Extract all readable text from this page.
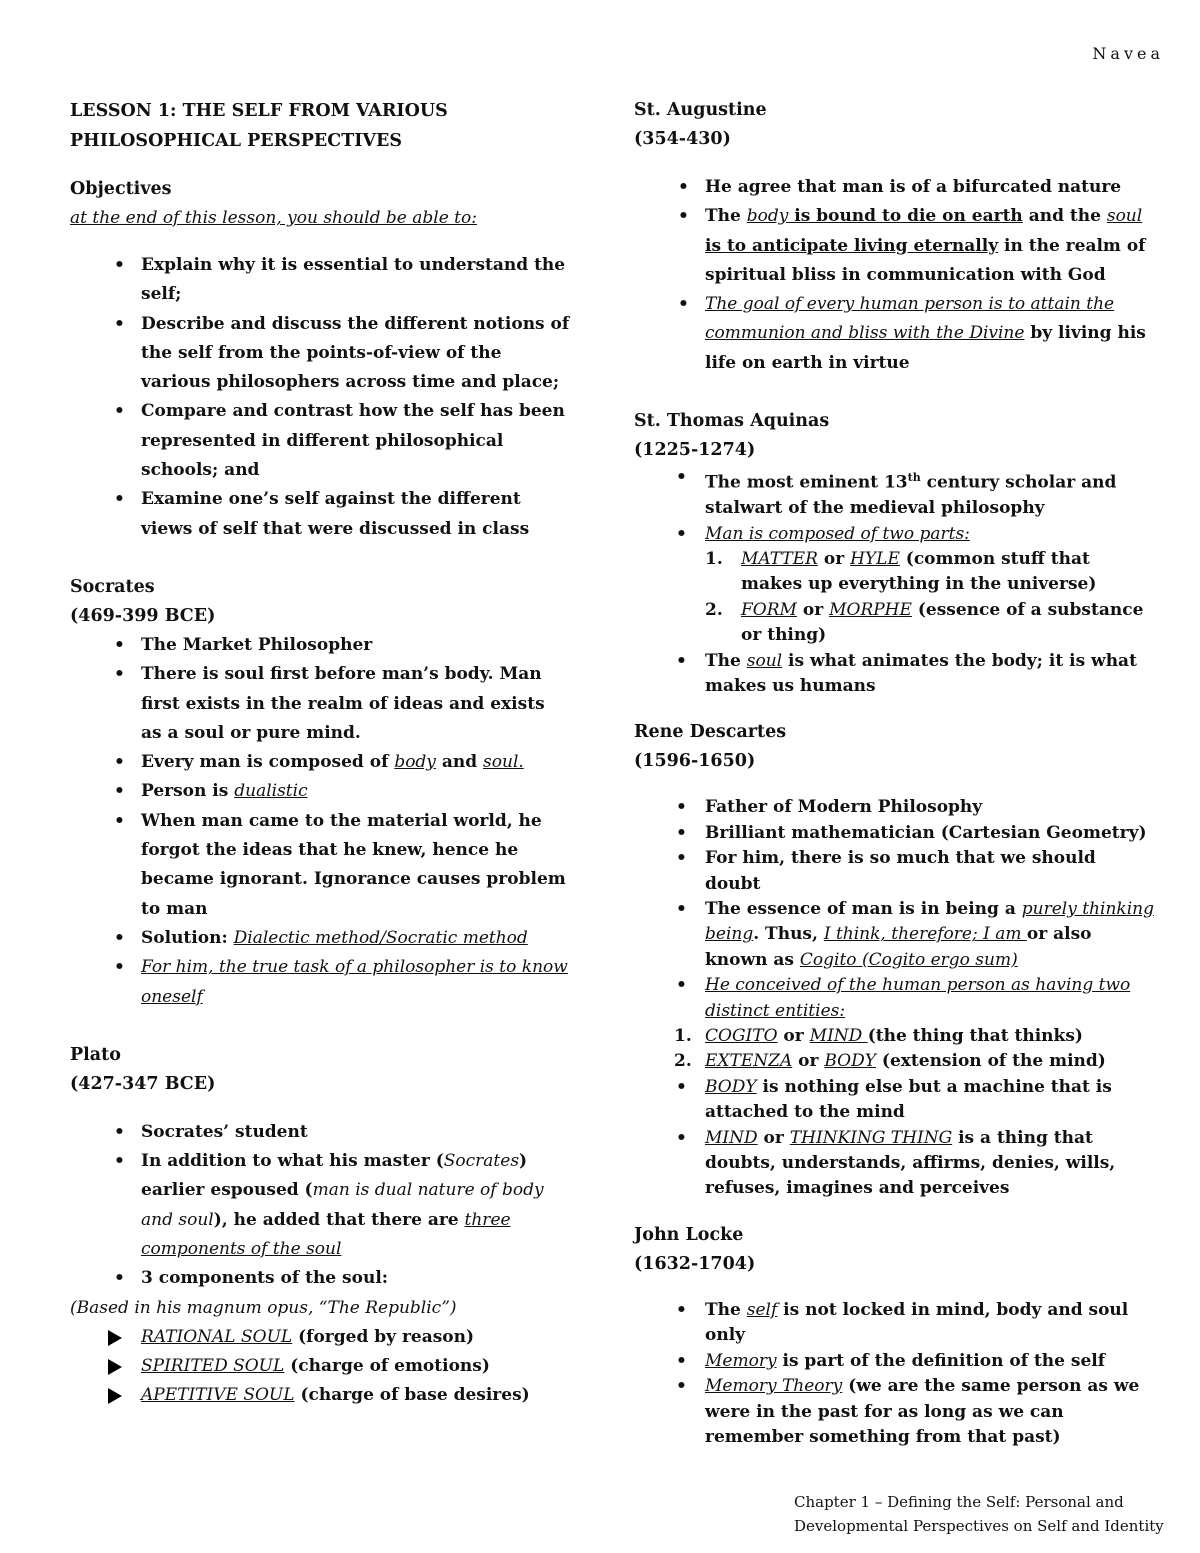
Navea

LESSON 1: THE SELF FROM VARIOUS

PHILOSOPHICAL PERSPECTIVES

Objectives

at the end of this lesson, you should be able to:

• Explain why it is essential to understand the self;
• Describe and discuss the different notions of the self from the points-of-view of the various philosophers across time and place;
• Compare and contrast how the self has been represented in different philosophical schools; and
• Examine one’s self against the different views of self that were discussed in class

Socrates

(469-399 BCE)

• The Market Philosopher
• There is soul first before man’s body. Man first exists in the realm of ideas and exists as a soul or pure mind.
• Every man is composed of body and soul.
• Person is dualistic
• When man came to the material world, he forgot the ideas that he knew, hence he became ignorant. Ignorance causes problem to man
• Solution: Dialectic method/Socratic method
• For him, the true task of a philosopher is to know oneself

Plato

(427-347 BCE)

• Socrates’ student
• In addition to what his master (Socrates) earlier espoused (man is dual nature of body and soul), he added that there are three components of the soul
• 3 components of the soul:
(Based in his magnum opus, “The Republic”)
RATIONAL SOUL (forged by reason)
SPIRITED SOUL (charge of emotions)
APETITIVE SOUL (charge of base desires)

St. Augustine

(354-430)

• He agree that man is of a bifurcated nature
• The body is bound to die on earth and the soul is to anticipate living eternally in the realm of spiritual bliss in communication with God
• The goal of every human person is to attain the communion and bliss with the Divine by living his life on earth in virtue

St. Thomas Aquinas

(1225-1274)

• The most eminent 13th century scholar and stalwart of the medieval philosophy
• Man is composed of two parts:
1. MATTER or HYLE (common stuff that makes up everything in the universe)
2. FORM or MORPHE (essence of a substance or thing)
• The soul is what animates the body; it is what makes us humans

Rene Descartes

(1596-1650)

• Father of Modern Philosophy
• Brilliant mathematician (Cartesian Geometry)
• For him, there is so much that we should doubt
• The essence of man is in being a purely thinking being. Thus, I think, therefore; I am or also known as Cogito (Cogito ergo sum)
• He conceived of the human person as having two distinct entities:
1. COGITO or MIND (the thing that thinks)
2. EXTENZA or BODY (extension of the mind)
• BODY is nothing else but a machine that is attached to the mind
• MIND or THINKING THING is a thing that doubts, understands, affirms, denies, wills, refuses, imagines and perceives

John Locke

(1632-1704)

• The self is not locked in mind, body and soul only
• Memory is part of the definition of the self
• Memory Theory (we are the same person as we were in the past for as long as we can remember something from that past)
Chapter 1 – Defining the Self: Personal and
Developmental Perspectives on Self and Identity
